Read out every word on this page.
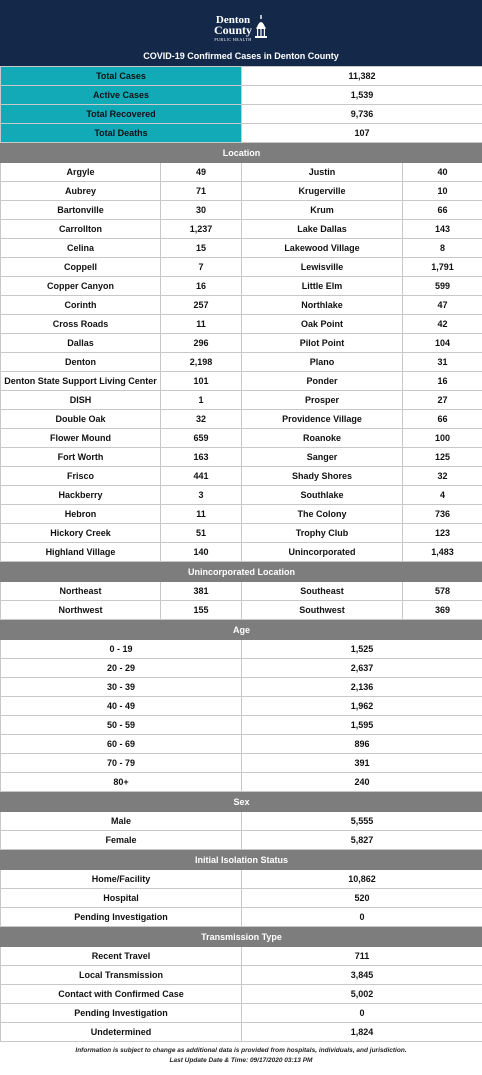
Denton
County
PUBLIC HEALTH
COVID-19 Confirmed Cases in Denton County
Total Cases	11,382
Active Cases	1,539
Total Recovered	9,736
Total Deaths	107
Location			
Argyle	49	Justin	40
Aubrey	71	Krugerville	10
Bartonville	30	Krum	66
Carrollton	1,237	Lake Dallas	143
Celina	15	Lakewood Village	8
Coppell	7	Lewisville	1,791
Copper Canyon	16	Little Elm	599
Corinth	257	Northlake	47
Cross Roads	11	Oak Point	42
Dallas	296	Pilot Point	104
Denton	2,198	Plano	31
Denton State Support Living Center	101	Ponder	16
DISH	1	Prosper	27
Double Oak	32	Providence Village	66
Flower Mound	659	Roanoke	100
Fort Worth	163	Sanger	125
Frisco	441	Shady Shores	32
Hackberry	3	Southlake	4
Hebron	11	The Colony	736
Hickory Creek	51	Trophy Club	123
Highland Village	140	Unincorporated	1,483
Unincorporated Location			
Northeast	381	Southeast	578
Northwest	155	Southwest	369
Age	
0 - 19	1,525
20 - 29	2,637
30 - 39	2,136
40 - 49	1,962
50 - 59	1,595
60 - 69	896
70 - 79	391
80+	240
Sex	
Male	5,555
Female	5,827
Initial Isolation Status	
Home/Facility	10,862
Hospital	520
Pending Investigation	0
Transmission Type	
Recent Travel	711
Local Transmission	3,845
Contact with Confirmed Case	5,002
Pending Investigation	0
Undetermined	1,824
Information is subject to change as additional data is provided from hospitals, individuals, and jurisdiction.
Last Update Date & Time: 09/17/2020 03:13 PM
